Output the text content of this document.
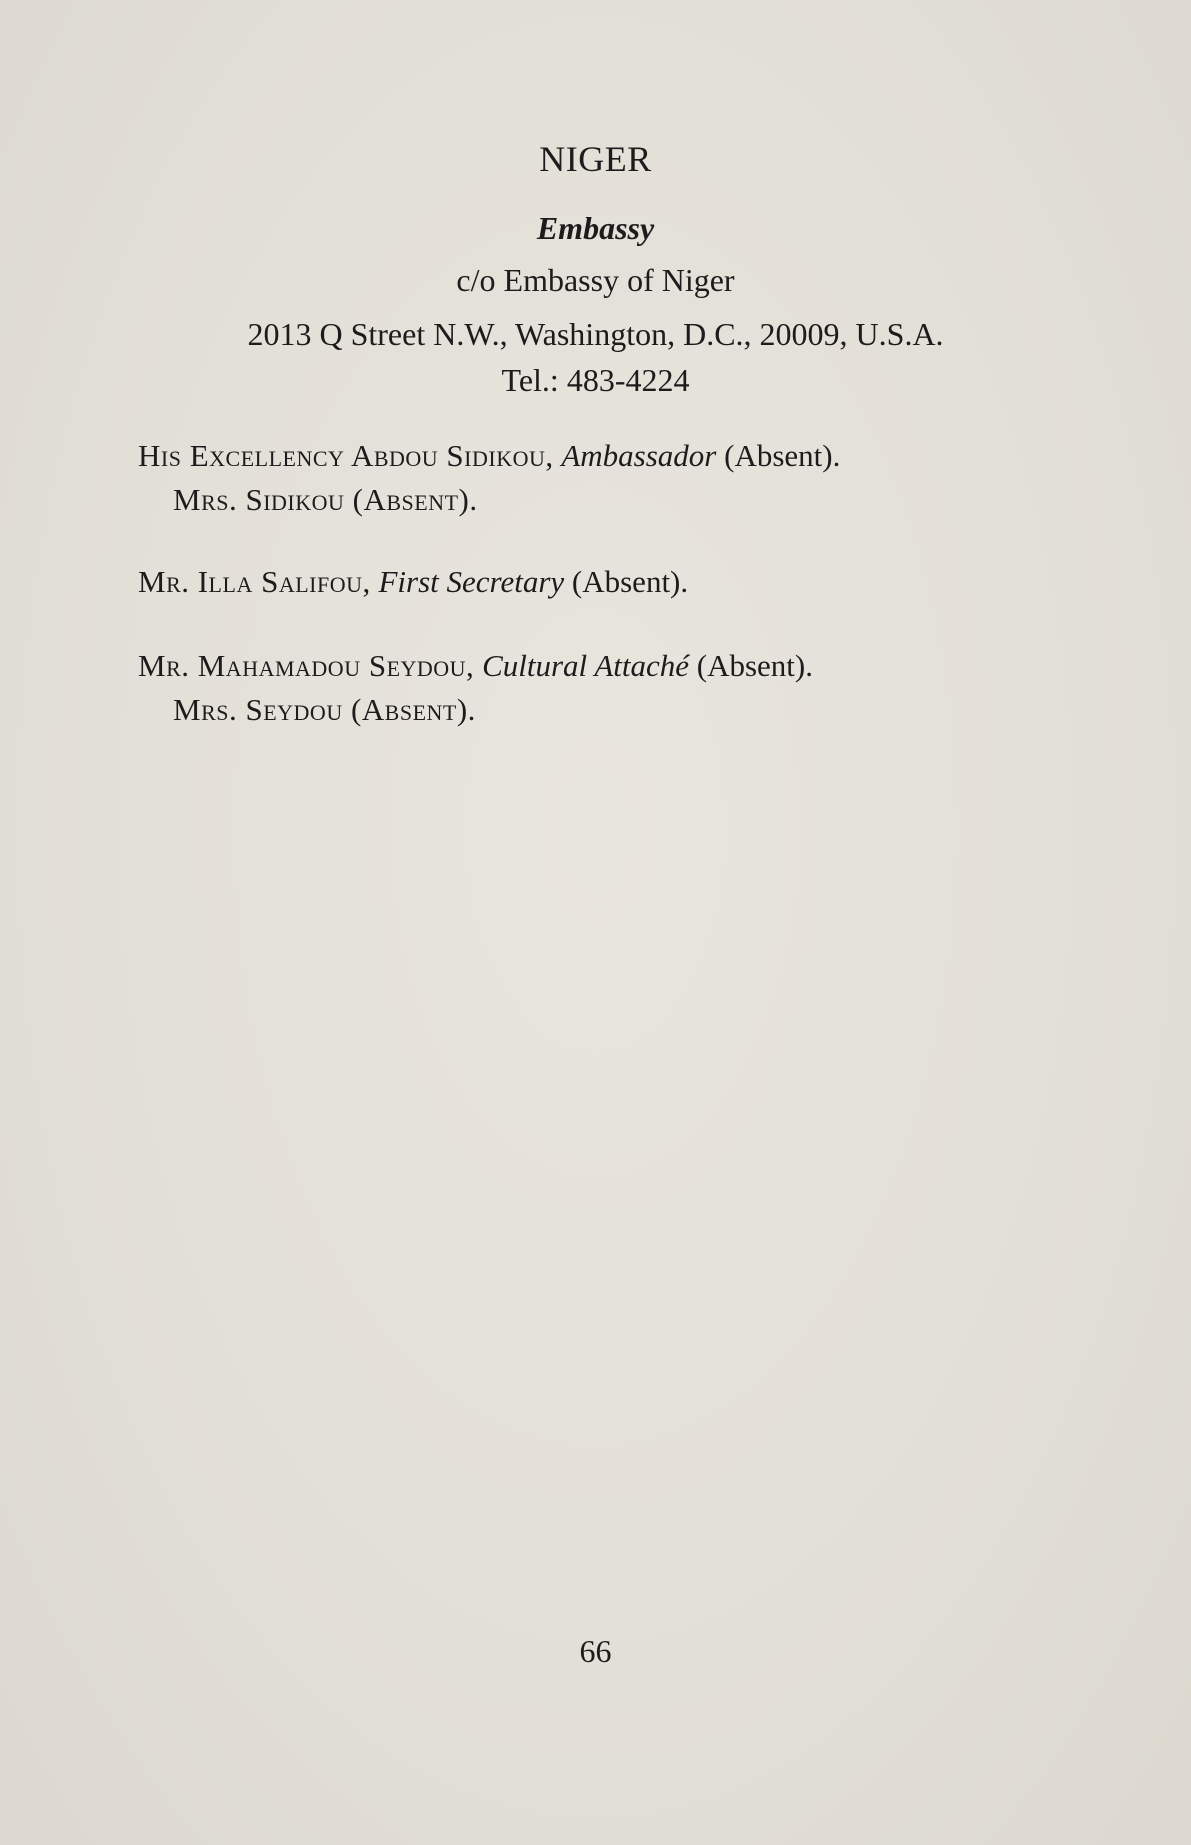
NIGER
Embassy
c/o Embassy of Niger
2013 Q Street N.W., Washington, D.C., 20009, U.S.A.
Tel.: 483-4224
His Excellency Abdou Sidikou, Ambassador (Absent).
Mrs. Sidikou (Absent).
Mr. Illa Salifou, First Secretary (Absent).
Mr. Mahamadou Seydou, Cultural Attaché (Absent).
Mrs. Seydou (Absent).
66
